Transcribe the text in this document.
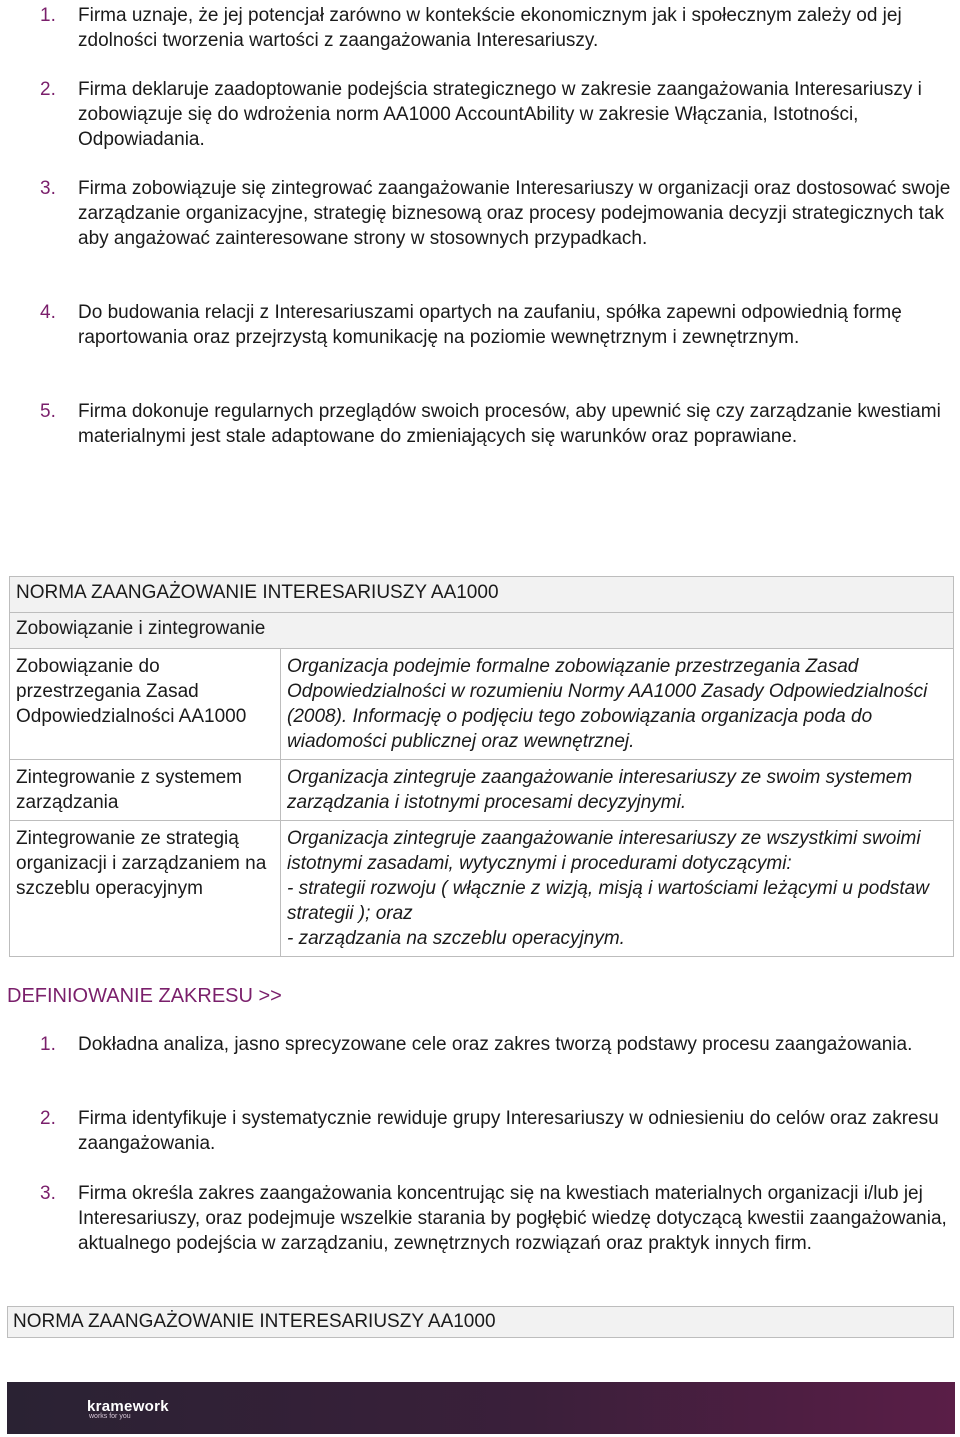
1. Firma uznaje, że jej potencjał zarówno w kontekście ekonomicznym jak i społecznym zależy od jej zdolności tworzenia wartości z zaangażowania Interesariuszy.
2. Firma deklaruje zaadoptowanie podejścia strategicznego w zakresie zaangażowania Interesariuszy i zobowiązuje się do wdrożenia norm AA1000 AccountAbility w zakresie Włączania, Istotności, Odpowiadania.
3. Firma zobowiązuje się zintegrować zaangażowanie Interesariuszy w organizacji oraz dostosować swoje zarządzanie organizacyjne, strategię biznesową oraz procesy podejmowania decyzji strategicznych tak aby angażować zainteresowane strony w stosownych przypadkach.
4. Do budowania relacji z Interesariuszami opartych na zaufaniu, spółka zapewni odpowiednią formę raportowania oraz przejrzystą komunikację na poziomie wewnętrznym i zewnętrznym.
5. Firma dokonuje regularnych przeglądów swoich procesów, aby upewnić się czy zarządzanie kwestiami materialnymi jest stale adaptowane do zmieniających się warunków oraz poprawiane.
NORMA ZAANGAŻOWANIE INTERESARIUSZY AA1000	
Zobowiązanie i zintegrowanie	
Zobowiązanie do przestrzegania Zasad Odpowiedzialności AA1000	Organizacja podejmie formalne zobowiązanie przestrzegania Zasad Odpowiedzialności w rozumieniu Normy AA1000 Zasady Odpowiedzialności (2008). Informację o podjęciu tego zobowiązania organizacja poda do wiadomości publicznej oraz wewnętrznej.
Zintegrowanie z systemem zarządzania	Organizacja zintegruje zaangażowanie interesariuszy ze swoim systemem zarządzania i istotnymi procesami decyzyjnymi.
Zintegrowanie ze strategią organizacji i zarządzaniem na szczeblu operacyjnym	Organizacja zintegruje zaangażowanie interesariuszy ze wszystkimi swoimi istotnymi zasadami, wytycznymi i procedurami dotyczącymi:
- strategii rozwoju ( włącznie z wizją, misją i wartościami leżącymi u podstaw strategii ); oraz
- zarządzania na szczeblu operacyjnym.
DEFINIOWANIE ZAKRESU >>
1. Dokładna analiza, jasno sprecyzowane cele oraz zakres tworzą podstawy procesu zaangażowania.
2. Firma identyfikuje i systematycznie rewiduje grupy Interesariuszy w odniesieniu do celów oraz zakresu zaangażowania.
3. Firma określa zakres zaangażowania koncentrując się na kwestiach materialnych organizacji i/lub jej Interesariuszy, oraz podejmuje wszelkie starania by pogłębić wiedzę dotyczącą kwestii zaangażowania, aktualnego podejścia w zarządzaniu, zewnętrznych rozwiązań oraz praktyk innych firm.
NORMA ZAANGAŻOWANIE INTERESARIUSZY AA1000
kramework
works for you
